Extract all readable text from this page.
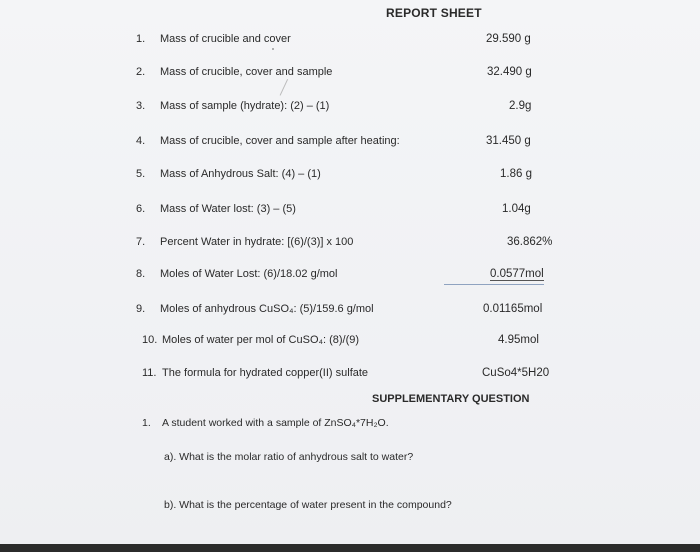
REPORT SHEET
1. Mass of crucible and cover	29.590 g
2. Mass of crucible, cover and sample	32.490 g
3. Mass of sample (hydrate): (2) – (1)	2.9g
4. Mass of crucible, cover and sample after heating:	31.450 g
5. Mass of Anhydrous Salt: (4) – (1)	1.86 g
6. Mass of Water lost: (3) – (5)	1.04g
7. Percent Water in hydrate: [(6)/(3)] x 100	36.862%
8. Moles of Water Lost: (6)/18.02 g/mol	0.0577mol
9. Moles of anhydrous CuSO₄: (5)/159.6 g/mol	0.01165mol
10. Moles of water per mol of CuSO₄: (8)/(9)	4.95mol
11. The formula for hydrated copper(II) sulfate	CuSo4*5H20
SUPPLEMENTARY QUESTION
1. A student worked with a sample of ZnSO₄*7H₂O.
a). What is the molar ratio of anhydrous salt to water?
b). What is the percentage of water present in the compound?
